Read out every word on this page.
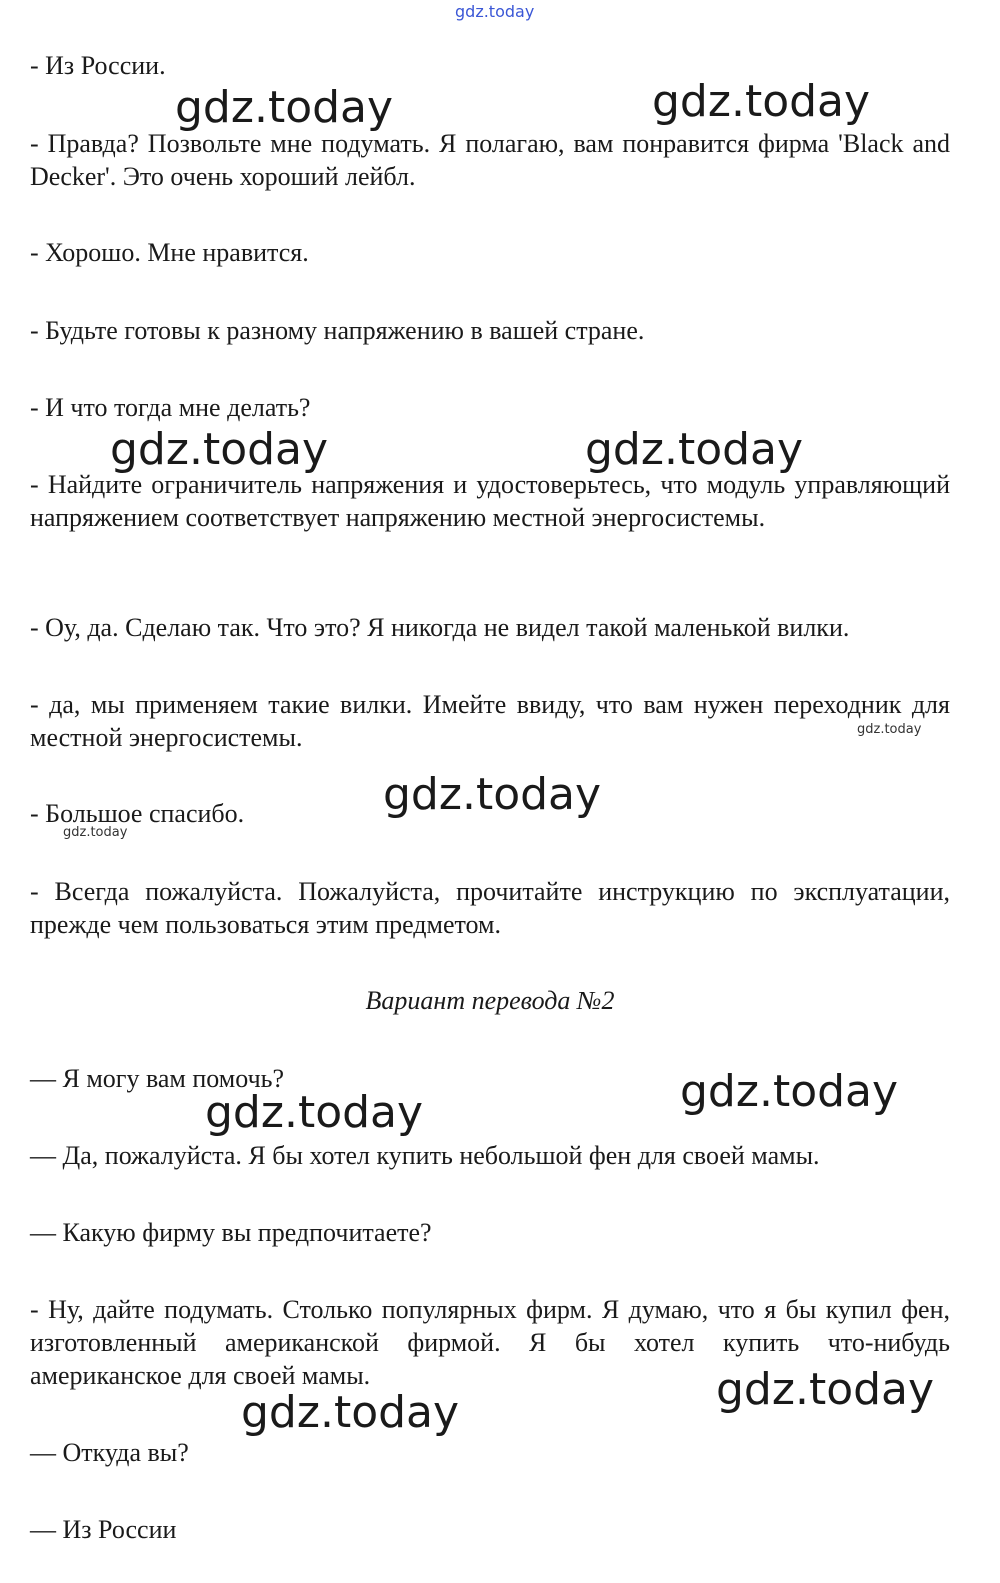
gdz.today

- Из России.

- Правда? Позвольте мне подумать. Я полагаю, вам понравится фирма 'Black and Decker'. Это очень хороший лейбл.

- Хорошо. Мне нравится.

- Будьте готовы к разному напряжению в вашей стране.

- И что тогда мне делать?

- Найдите ограничитель напряжения и удостоверьтесь, что модуль управляющий напряжением соответствует напряжению местной энергосистемы.

- Оу, да. Сделаю так. Что это? Я никогда не видел такой маленькой вилки.

- да, мы применяем такие вилки. Имейте ввиду, что вам нужен переходник для местной энергосистемы.

- Большое спасибо.

- Всегда пожалуйста. Пожалуйста, прочитайте инструкцию по эксплуатации, прежде чем пользоваться этим предметом.

Вариант перевода №2

— Я могу вам помочь?

— Да, пожалуйста. Я бы хотел купить небольшой фен для своей мамы.

— Какую фирму вы предпочитаете?

- Ну, дайте подумать. Столько популярных фирм. Я думаю, что я бы купил фен, изготовленный американской фирмой. Я бы хотел купить что-нибудь американское для своей мамы.

— Откуда вы?

— Из России

gdz.today	gdz.today
gdz.today	gdz.today
gdz.today
gdz.today
gdz.today
gdz.today
gdz.today
gdz.today
gdz.today
